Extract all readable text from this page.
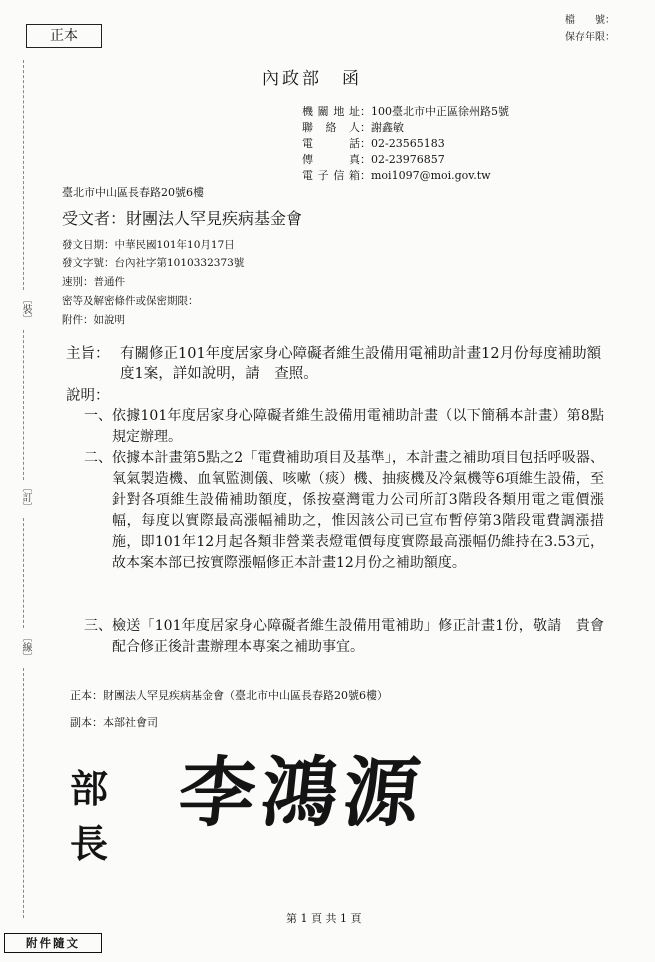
正本
檔　　號：
保存年限：
內政部　函
機關地址：100臺北市中正區徐州路5號
聯 絡 人：謝鑫敏
電　　話：02-23565183
傳　　真：02-23976857
電子信箱：moi1097@moi.gov.tw
臺北市中山區長春路20號6樓
受文者：財團法人罕見疾病基金會
發文日期：中華民國101年10月17日
發文字號：台內社字第1010332373號
速別：普通件
密等及解密條件或保密期限：
附件：如說明
主旨： 有關修正101年度居家身心障礙者維生設備用電補助計畫12月份每度補助額度1案，詳如說明，請　查照。
說明：
一、 依據101年度居家身心障礙者維生設備用電補助計畫（以下簡稱本計畫）第8點規定辦理。
二、 依據本計畫第5點之2「電費補助項目及基準」，本計畫之補助項目包括呼吸器、氧氣製造機、血氧監測儀、咳嗽（痰）機、抽痰機及冷氣機等6項維生設備，至針對各項維生設備補助額度，係按臺灣電力公司所訂3階段各類用電之電價漲幅，每度以實際最高漲幅補助之，惟因該公司已宣布暫停第3階段電費調漲措施，即101年12月起各類非營業表燈電價每度實際最高漲幅仍維持在3.53元，故本案本部已按實際漲幅修正本計畫12月份之補助額度。
三、 檢送「101年度居家身心障礙者維生設備用電補助」修正計畫1份，敬請　貴會配合修正後計畫辦理本專案之補助事宜。
〔裝〕
〔訂〕
〔線〕
正本：財團法人罕見疾病基金會（臺北市中山區長春路20號6樓）
副本：本部社會司
部長
李鴻源
第 1 頁 共 1 頁
附件隨文
